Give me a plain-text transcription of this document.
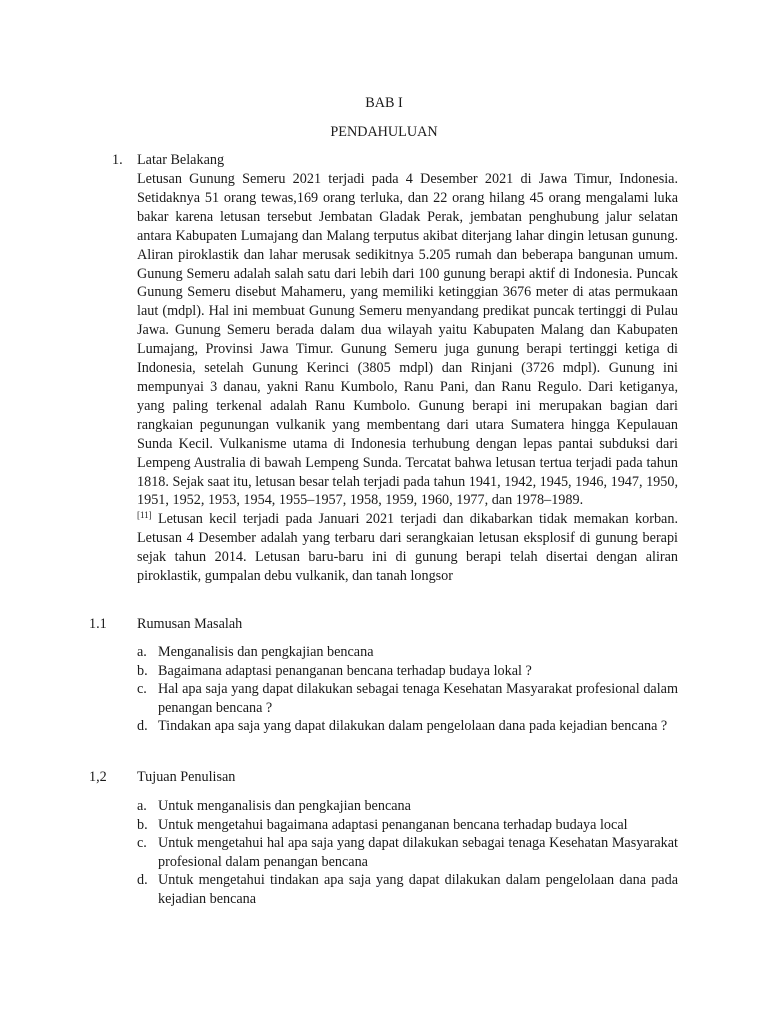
BAB I
PENDAHULUAN
1. Latar Belakang
Letusan Gunung Semeru 2021 terjadi pada 4 Desember 2021 di Jawa Timur, Indonesia. Setidaknya 51 orang tewas,169 orang terluka, dan 22 orang hilang 45 orang mengalami luka bakar karena letusan tersebut Jembatan Gladak Perak, jembatan penghubung jalur selatan antara Kabupaten Lumajang dan Malang terputus akibat diterjang lahar dingin letusan gunung. Aliran piroklastik dan lahar merusak sedikitnya 5.205 rumah dan beberapa bangunan umum. Gunung Semeru adalah salah satu dari lebih dari 100 gunung berapi aktif di Indonesia. Puncak Gunung Semeru disebut Mahameru, yang memiliki ketinggian 3676 meter di atas permukaan laut (mdpl). Hal ini membuat Gunung Semeru menyandang predikat puncak tertinggi di Pulau Jawa. Gunung Semeru berada dalam dua wilayah yaitu Kabupaten Malang dan Kabupaten Lumajang, Provinsi Jawa Timur. Gunung Semeru juga gunung berapi tertinggi ketiga di Indonesia, setelah Gunung Kerinci (3805 mdpl) dan Rinjani (3726 mdpl). Gunung ini mempunyai 3 danau, yakni Ranu Kumbolo, Ranu Pani, dan Ranu Regulo. Dari ketiganya, yang paling terkenal adalah Ranu Kumbolo. Gunung berapi ini merupakan bagian dari rangkaian pegunungan vulkanik yang membentang dari utara Sumatera hingga Kepulauan Sunda Kecil. Vulkanisme utama di Indonesia terhubung dengan lepas pantai subduksi dari Lempeng Australia di bawah Lempeng Sunda. Tercatat bahwa letusan tertua terjadi pada tahun 1818. Sejak saat itu, letusan besar telah terjadi pada tahun 1941, 1942, 1945, 1946, 1947, 1950, 1951, 1952, 1953, 1954, 1955–1957, 1958, 1959, 1960, 1977, dan 1978–1989.
[11] Letusan kecil terjadi pada Januari 2021 terjadi dan dikabarkan tidak memakan korban. Letusan 4 Desember adalah yang terbaru dari serangkaian letusan eksplosif di gunung berapi sejak tahun 2014. Letusan baru-baru ini di gunung berapi telah disertai dengan aliran piroklastik, gumpalan debu vulkanik, dan tanah longsor
1.1 Rumusan Masalah
a. Menganalisis dan pengkajian bencana
b. Bagaimana adaptasi penanganan bencana terhadap budaya lokal ?
c. Hal apa saja yang dapat dilakukan sebagai tenaga Kesehatan Masyarakat profesional dalam penangan bencana ?
d. Tindakan apa saja yang dapat dilakukan dalam pengelolaan dana pada kejadian bencana ?
1,2 Tujuan Penulisan
a. Untuk menganalisis dan pengkajian bencana
b. Untuk mengetahui bagaimana adaptasi penanganan bencana terhadap budaya local
c. Untuk mengetahui hal apa saja yang dapat dilakukan sebagai tenaga Kesehatan Masyarakat profesional dalam penangan bencana
d. Untuk mengetahui tindakan apa saja yang dapat dilakukan dalam pengelolaan dana pada kejadian bencana
